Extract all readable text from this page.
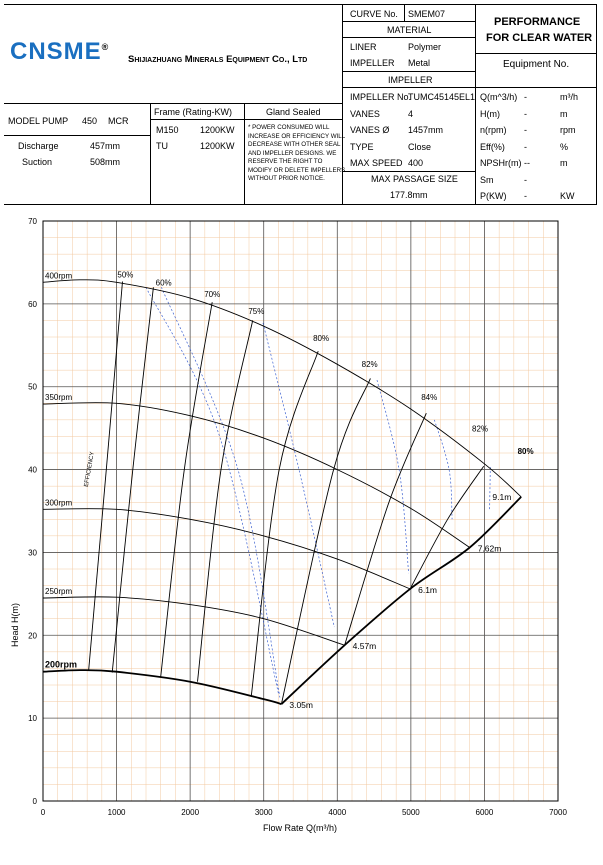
CNSME®
Shijiazhuang Minerals Equipment Co., Ltd
CURVE No. SMEM07
MATERIAL
LINER	Polymer
IMPELLER Metal
IMPELLER
IMPELLER No.
TUMC45145EL1
VANES	4
VANES Ø 1457mm
TYPE	Close
MAX SPEED 400
MAX PASSAGE SIZE
177.8mm
PERFORMANCE
FOR CLEAR WATER
Equipment No.
Q(m^3/h) -	m³/h
H(m)	-	m
n(rpm) -	rpm
Eff(%) -	%
NPSHr(m) --	m
Sm	-
P(KW) -	KW
MODEL PUMP 450 MCR
Discharge	457mm
Suction	508mm
Frame (Rating-KW)
M150 1200KW
TU	1200KW
Gland Sealed
* POWER CONSUMED WILL INCREASE OR EFFICIENCY WILL DECREASE WITH OTHER SEAL AND IMPELLER DESIGNS. WE RESERVE THE RIGHT TO MODIFY OR DELETE IMPELLERS WITHOUT PRIOR NOTICE.
0	1000	2000	3000	4000	5000	6000	7000
0
10
20
30
40
50
60
70
400rpm
350rpm
300rpm
250rpm
200rpm
3.05m
4.57m
6.1m
7.62m
9.1m
50%
60%
70%
75%
80%
82%
84%
82%
80%
EFFICIENCY
Flow Rate Q(m³/h)
Head H(m)
